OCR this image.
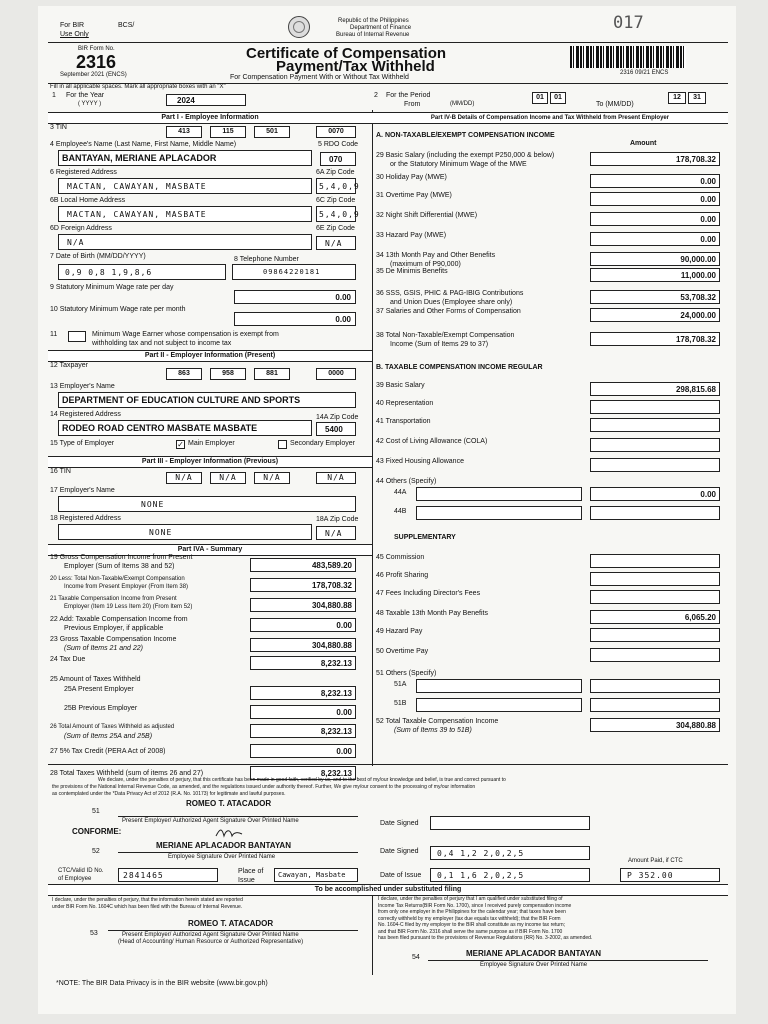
For BIR	BCS/
Use Only
Republic of the Philippines
Department of Finance
Bureau of Internal Revenue
017
BIR Form No.
2316
September 2021 (ENCS)
Certificate of Compensation
Payment/Tax Withheld
For Compensation Payment With or Without Tax Withheld
2316 09/21 ENCS
Fill in all applicable spaces. Mark all appropriate boxes with an "X"
1 For the Year
( YYYY )	2024
2 For the Period
From	(MM/DD)
01	01
To (MM/DD)
12	31
Part I - Employee Information
3 TIN
413	115	501	0070
4 Employee's Name (Last Name, First Name, Middle Name)	5 RDO Code
BANTAYAN, MERIANE APLACADOR	070
6 Registered Address	6A Zip Code
MACTAN, CAWAYAN, MASBATE	5,4,0,9
6B Local Home Address	6C Zip Code
MACTAN, CAWAYAN, MASBATE	5,4,0,9
6D Foreign Address	6E Zip Code
N/A	N/A
7 Date of Birth (MM/DD/YYYY)	8 Telephone Number
0,9 0,8 1,9,8,6	09864220181
9 Statutory Minimum Wage rate per day
0.00
10 Statutory Minimum Wage rate per month
0.00
11	Minimum Wage Earner whose compensation is exempt from
withholding tax and not subject to income tax
Part II - Employer Information (Present)
12 Taxpayer
863	958	881	0000
13 Employer's Name
DEPARTMENT OF EDUCATION CULTURE AND SPORTS
14 Registered Address	14A Zip Code
RODEO ROAD CENTRO MASBATE MASBATE	5400
15 Type of Employer	✓ Main Employer	Secondary Employer
Part III - Employer Information (Previous)
16 TIN
N/A	N/A	N/A	N/A
17 Employer's Name
NONE
18 Registered Address	18A Zip Code
NONE	N/A
Part IVA - Summary
19 Gross Compensation Income from Present
Employer (Sum of Items 38 and 52)	483,589.20
20 Less: Total Non-Taxable/Exempt Compensation
Income from Present Employer (From Item 38)	178,708.32
21 Taxable Compensation Income from Present
Employer (Item 19 Less Item 20) (From Item 52)	304,880.88
22 Add: Taxable Compensation Income from
Previous Employer, if applicable	0.00
23 Gross Taxable Compensation Income
(Sum of Items 21 and 22)	304,880.88
24 Tax Due	8,232.13
25 Amount of Taxes Withheld
25A Present Employer	8,232.13
25B Previous Employer	0.00
26 Total Amount of Taxes Withheld as adjusted
(Sum of Items 25A and 25B)
8,232.13
27 5% Tax Credit (PERA Act of 2008)	0.00
28 Total Taxes Withheld (sum of items 26 and 27)	8,232.13
Part IV-B Details of Compensation Income and Tax Withheld from Present Employer
A. NON-TAXABLE/EXEMPT COMPENSATION INCOME
Amount
29 Basic Salary (including the exempt P250,000 & below)
or the Statutory Minimum Wage of the MWE
178,708.32
30 Holiday Pay (MWE)	0.00
31 Overtime Pay (MWE)	0.00
32 Night Shift Differential (MWE)	0.00
33 Hazard Pay (MWE)	0.00
34 13th Month Pay and Other Benefits
(maximum of P90,000)
90,000.00
35 De Minimis Benefits	11,000.00
36 SSS, GSIS, PHIC & PAG-IBIG Contributions
and Union Dues (Employee share only)
53,708.32
37 Salaries and Other Forms of Compensation	24,000.00
38 Total Non-Taxable/Exempt Compensation
Income (Sum of Items 29 to 37)
178,708.32
B. TAXABLE COMPENSATION INCOME REGULAR
39 Basic Salary	298,815.68
40 Representation
41 Transportation
42 Cost of Living Allowance (COLA)
43 Fixed Housing Allowance
44 Others (Specify)
44A	0.00
44B
SUPPLEMENTARY
45 Commission
46 Profit Sharing
47 Fees Including Director's Fees
48 Taxable 13th Month Pay Benefits	6,065.20
49 Hazard Pay
50 Overtime Pay
51 Others (Specify)
51A
51B
52 Total Taxable Compensation Income
(Sum of Items 39 to 51B)
304,880.88
We declare, under the penalties of perjury, that this certificate has been made in good faith, verified by us, and to the best of my/our knowledge and belief, is true and correct pursuant to
the provisions of the National Internal Revenue Code, as amended, and the regulations issued under authority thereof. Further, We give my/our consent to the processing of my/our information
as contemplated under the *Data Privacy Act of 2012 (R.A. No. 10173) for legitimate and lawful purposes.
51
ROMEO T. ATACADOR
Present Employer/ Authorized Agent Signature Over Printed Name	Date Signed
CONFORME:
52
MERIANE APLACADOR BANTAYAN
Employee Signature Over Printed Name
Date Signed 0,4 1,2 2,0,2,5
Amount Paid, if CTC
CTC/Valid ID No.
of Employee	2841465	Place of
Issue
Cawayan, Masbate	Date of Issue 0,1 1,6 2,0,2,5	P 352.00
To be accomplished under substituted filing
I declare, under the penalties of perjury, that the information herein stated are reported
under BIR Form No. 1604C which has been filed with the Bureau of Internal Revenue.
53
ROMEO T. ATACADOR
Present Employer/ Authorized Agent Signature Over Printed Name
(Head of Accounting/ Human Resource or Authorized Representative)
I declare, under the penalties of perjury that I am qualified under substituted filing of
Income Tax Returns(BIR Form No. 1700), since I received purely compensation income
from only one employer in the Philippines for the calendar year; that taxes have been
correctly withheld by my employer (tax due equals tax withheld); that the BIR Form
No. 1604-C filed by my employer to the BIR shall constitute as my income tax return;
and that BIR Form No. 2316 shall serve the same purpose as if BIR Form No. 1700
has been filed pursuant to the provisions of Revenue Regulations (RR) No. 3-2002, as amended.
54	MERIANE APLACADOR BANTAYAN
Employee Signature Over Printed Name
*NOTE: The BIR Data Privacy is in the BIR website (www.bir.gov.ph)
